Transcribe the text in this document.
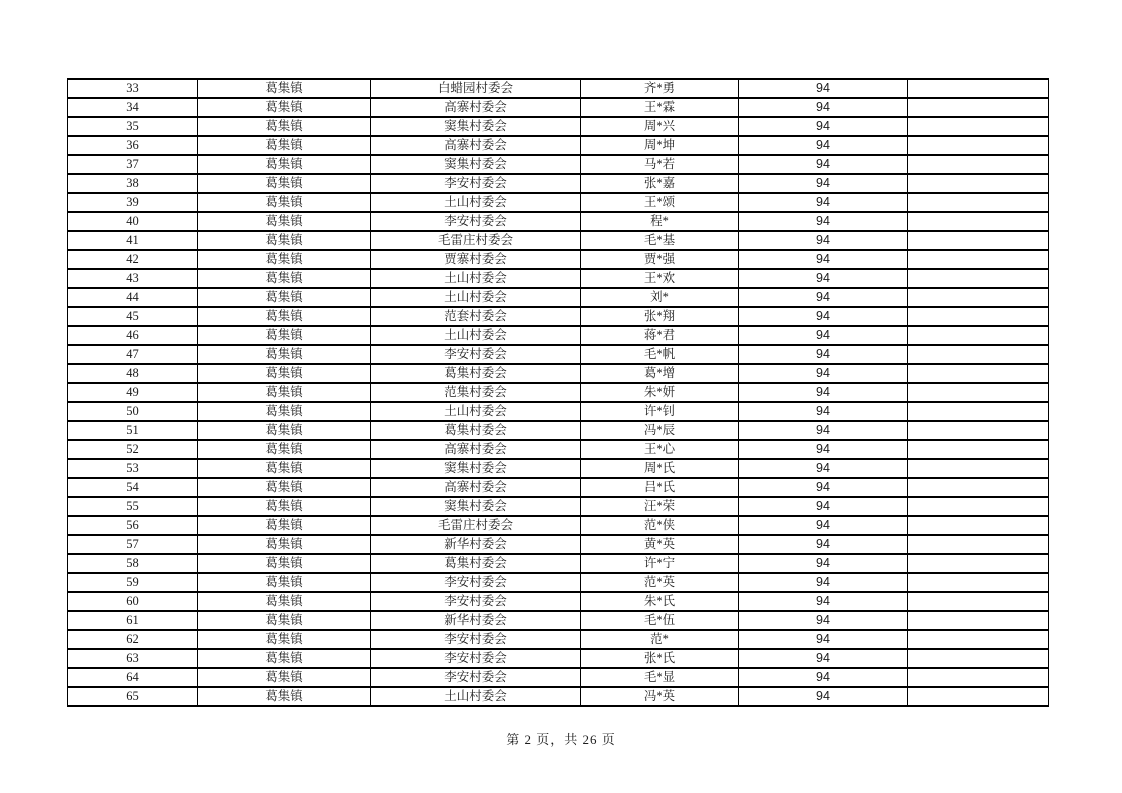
33	葛集镇	白蜡园村委会	齐*勇	94	
34	葛集镇	高寨村委会	王*霖	94	
35	葛集镇	窦集村委会	周*兴	94	
36	葛集镇	高寨村委会	周*坤	94	
37	葛集镇	窦集村委会	马*若	94	
38	葛集镇	李安村委会	张*嘉	94	
39	葛集镇	土山村委会	王*颂	94	
40	葛集镇	李安村委会	程*	94	
41	葛集镇	毛雷庄村委会	毛*基	94	
42	葛集镇	贾寨村委会	贾*强	94	
43	葛集镇	土山村委会	王*欢	94	
44	葛集镇	土山村委会	刘*	94	
45	葛集镇	范套村委会	张*翔	94	
46	葛集镇	土山村委会	蒋*君	94	
47	葛集镇	李安村委会	毛*帆	94	
48	葛集镇	葛集村委会	葛*增	94	
49	葛集镇	范集村委会	朱*妍	94	
50	葛集镇	土山村委会	许*钊	94	
51	葛集镇	葛集村委会	冯*辰	94	
52	葛集镇	高寨村委会	王*心	94	
53	葛集镇	窦集村委会	周*氏	94	
54	葛集镇	高寨村委会	吕*氏	94	
55	葛集镇	窦集村委会	汪*荣	94	
56	葛集镇	毛雷庄村委会	范*侠	94	
57	葛集镇	新华村委会	黄*英	94	
58	葛集镇	葛集村委会	许*宁	94	
59	葛集镇	李安村委会	范*英	94	
60	葛集镇	李安村委会	朱*氏	94	
61	葛集镇	新华村委会	毛*伍	94	
62	葛集镇	李安村委会	范*	94	
63	葛集镇	李安村委会	张*氏	94	
64	葛集镇	李安村委会	毛*显	94	
65	葛集镇	土山村委会	冯*英	94	
第 2 页，共 26 页
